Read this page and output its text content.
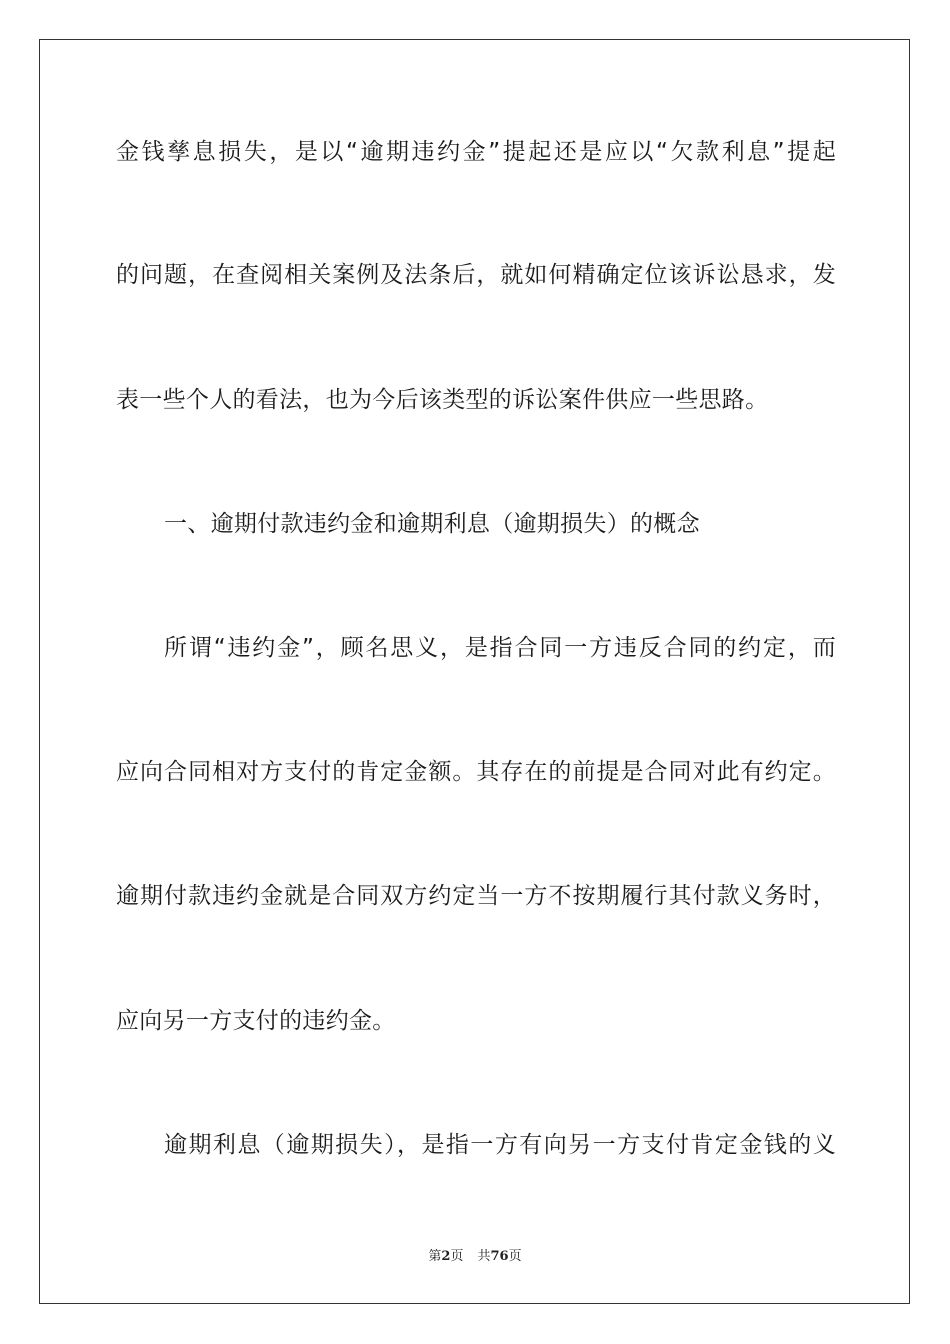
金钱孳息损失，是以“逾期违约金”提起还是应以“欠款利息”提起
的问题，在查阅相关案例及法条后，就如何精确定位该诉讼恳求，发
表一些个人的看法，也为今后该类型的诉讼案件供应一些思路。
一、逾期付款违约金和逾期利息（逾期损失）的概念
所谓“违约金”，顾名思义，是指合同一方违反合同的约定，而
应向合同相对方支付的肯定金额。其存在的前提是合同对此有约定。
逾期付款违约金就是合同双方约定当一方不按期履行其付款义务时，
应向另一方支付的违约金。
逾期利息（逾期损失），是指一方有向另一方支付肯定金钱的义
第2页 共76页
